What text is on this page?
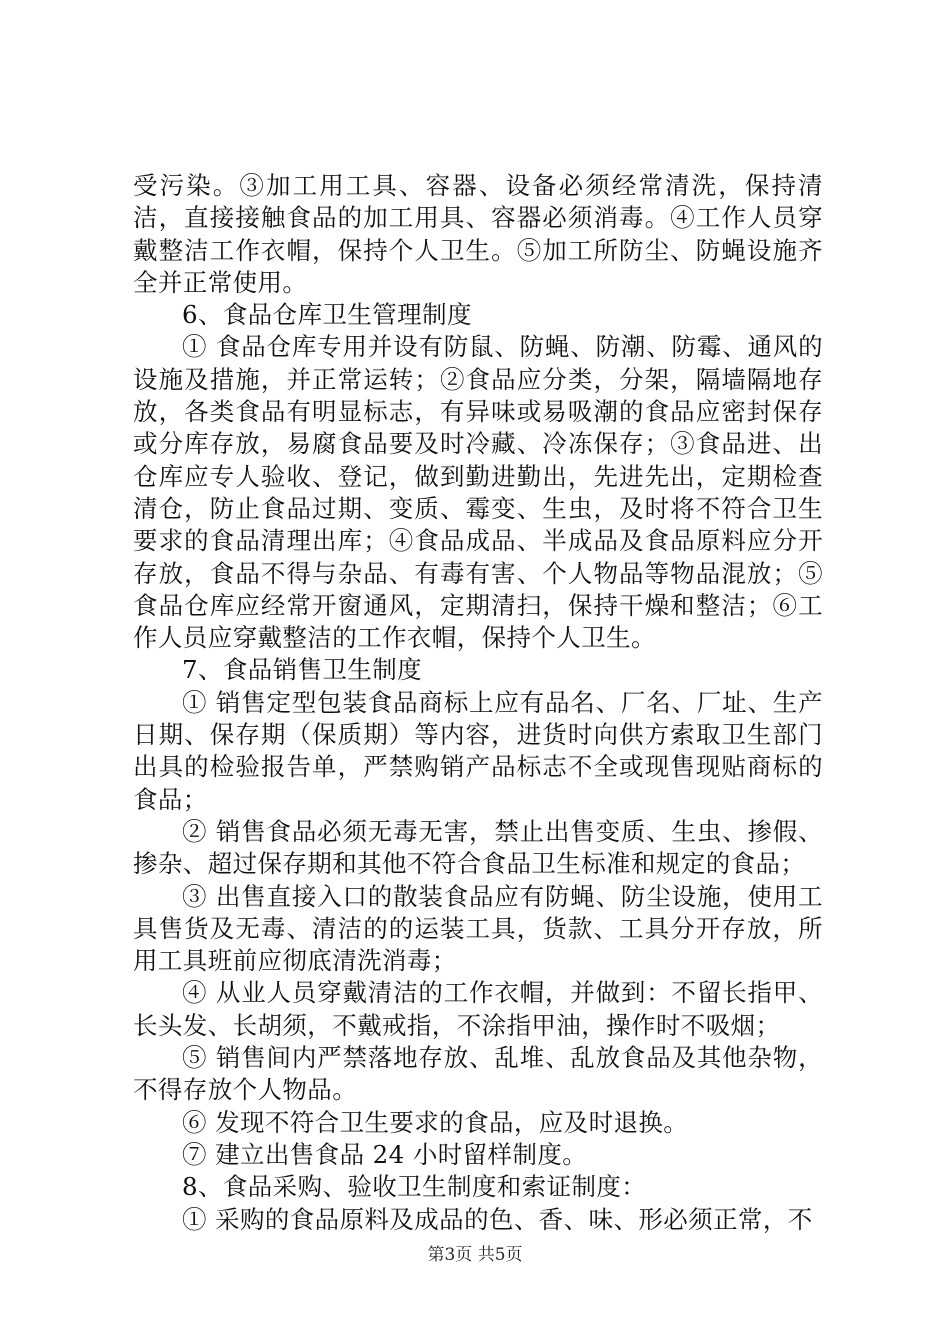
受污染。③加工用工具、容器、设备必须经常清洗，保持清洁，直接接触食品的加工用具、容器必须消毒。④工作人员穿戴整洁工作衣帽，保持个人卫生。⑤加工所防尘、防蝇设施齐全并正常使用。

6、食品仓库卫生管理制度

① 食品仓库专用并设有防鼠、防蝇、防潮、防霉、通风的设施及措施，并正常运转；②食品应分类，分架，隔墙隔地存放，各类食品有明显标志，有异味或易吸潮的食品应密封保存或分库存放，易腐食品要及时冷藏、冷冻保存；③食品进、出仓库应专人验收、登记，做到勤进勤出，先进先出，定期检查清仓，防止食品过期、变质、霉变、生虫，及时将不符合卫生要求的食品清理出库；④食品成品、半成品及食品原料应分开存放，食品不得与杂品、有毒有害、个人物品等物品混放；⑤食品仓库应经常开窗通风，定期清扫，保持干燥和整洁；⑥工作人员应穿戴整洁的工作衣帽，保持个人卫生。

7、食品销售卫生制度

① 销售定型包装食品商标上应有品名、厂名、厂址、生产日期、保存期（保质期）等内容，进货时向供方索取卫生部门出具的检验报告单，严禁购销产品标志不全或现售现贴商标的食品；

② 销售食品必须无毒无害，禁止出售变质、生虫、掺假、掺杂、超过保存期和其他不符合食品卫生标准和规定的食品；

③ 出售直接入口的散装食品应有防蝇、防尘设施，使用工具售货及无毒、清洁的的运装工具，货款、工具分开存放，所用工具班前应彻底清洗消毒；

④ 从业人员穿戴清洁的工作衣帽，并做到：不留长指甲、长头发、长胡须，不戴戒指，不涂指甲油，操作时不吸烟；

⑤ 销售间内严禁落地存放、乱堆、乱放食品及其他杂物，不得存放个人物品。

⑥ 发现不符合卫生要求的食品，应及时退换。

⑦ 建立出售食品 24 小时留样制度。

8、食品采购、验收卫生制度和索证制度：

① 采购的食品原料及成品的色、香、味、形必须正常，不

第3页 共5页
